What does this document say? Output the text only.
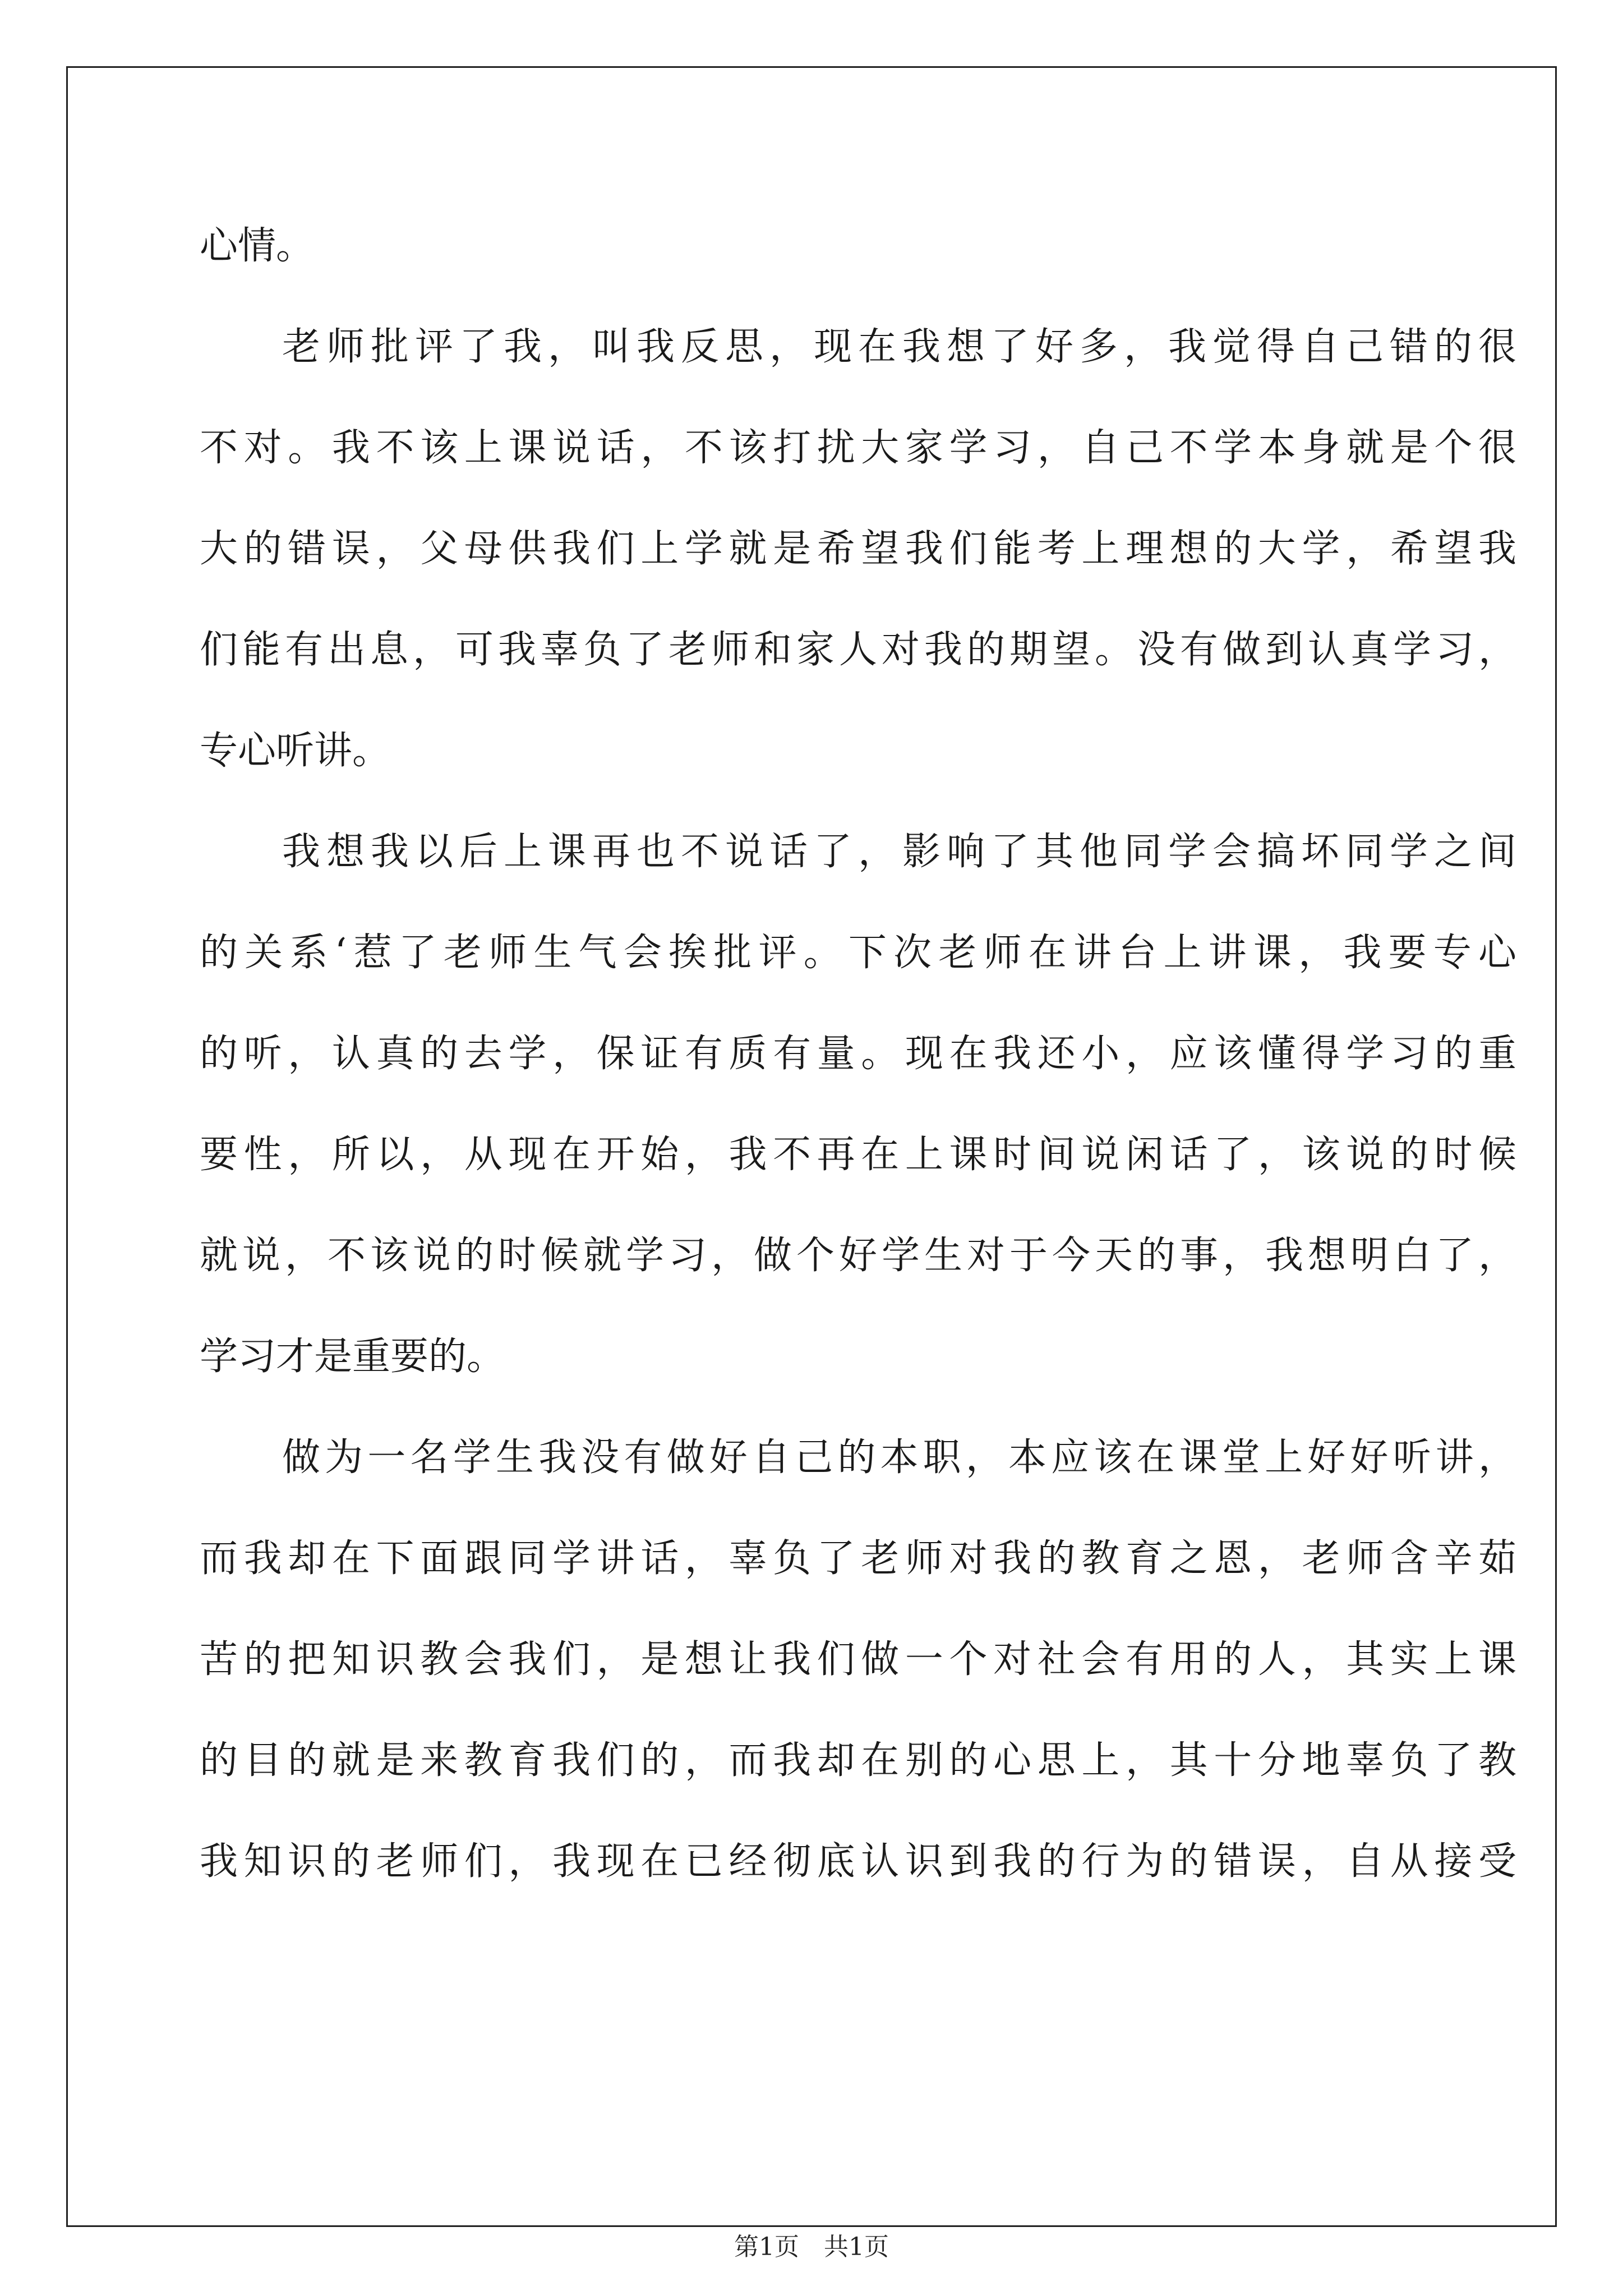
心情。
老师批评了我，叫我反思，现在我想了好多，我觉得自己错的很
不对。我不该上课说话，不该打扰大家学习，自己不学本身就是个很
大的错误，父母供我们上学就是希望我们能考上理想的大学，希望我
们能有出息，可我辜负了老师和家人对我的期望。没有做到认真学习，
专心听讲。
我想我以后上课再也不说话了，影响了其他同学会搞坏同学之间
的关系‘惹了老师生气会挨批评。下次老师在讲台上讲课，我要专心
的听，认真的去学，保证有质有量。现在我还小，应该懂得学习的重
要性，所以，从现在开始，我不再在上课时间说闲话了，该说的时候
就说，不该说的时候就学习，做个好学生对于今天的事，我想明白了，
学习才是重要的。
做为一名学生我没有做好自己的本职，本应该在课堂上好好听讲，
而我却在下面跟同学讲话，辜负了老师对我的教育之恩，老师含辛茹
苦的把知识教会我们，是想让我们做一个对社会有用的人，其实上课
的目的就是来教育我们的，而我却在别的心思上，其十分地辜负了教
我知识的老师们，我现在已经彻底认识到我的行为的错误，自从接受
第1页　共1页
